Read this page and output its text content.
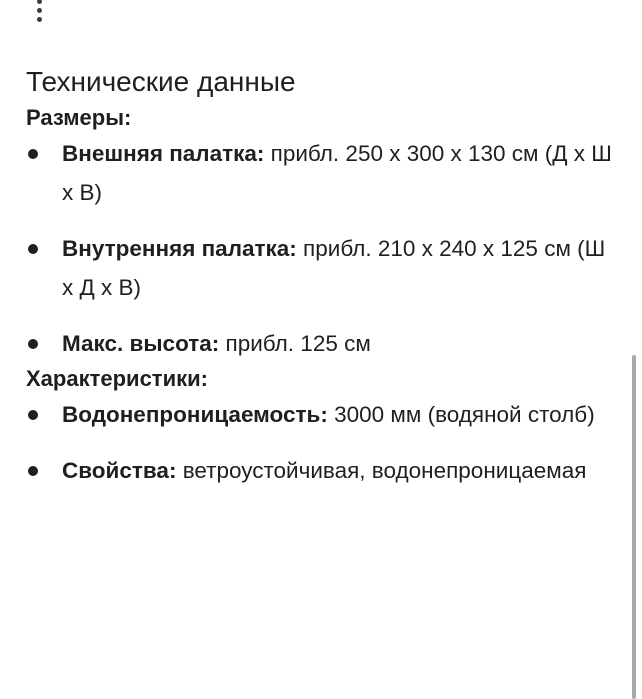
Технические данные
Размеры:
Внешняя палатка: прибл. 250 x 300 x 130 см (Д x Ш x В)
Внутренняя палатка: прибл. 210 x 240 x 125 см (Ш x Д x В)
Макс. высота: прибл. 125 см
Характеристики:
Водонепроницаемость: 3000 мм (водяной столб)
Свойства: ветроустойчивая, водонепроницаемая
